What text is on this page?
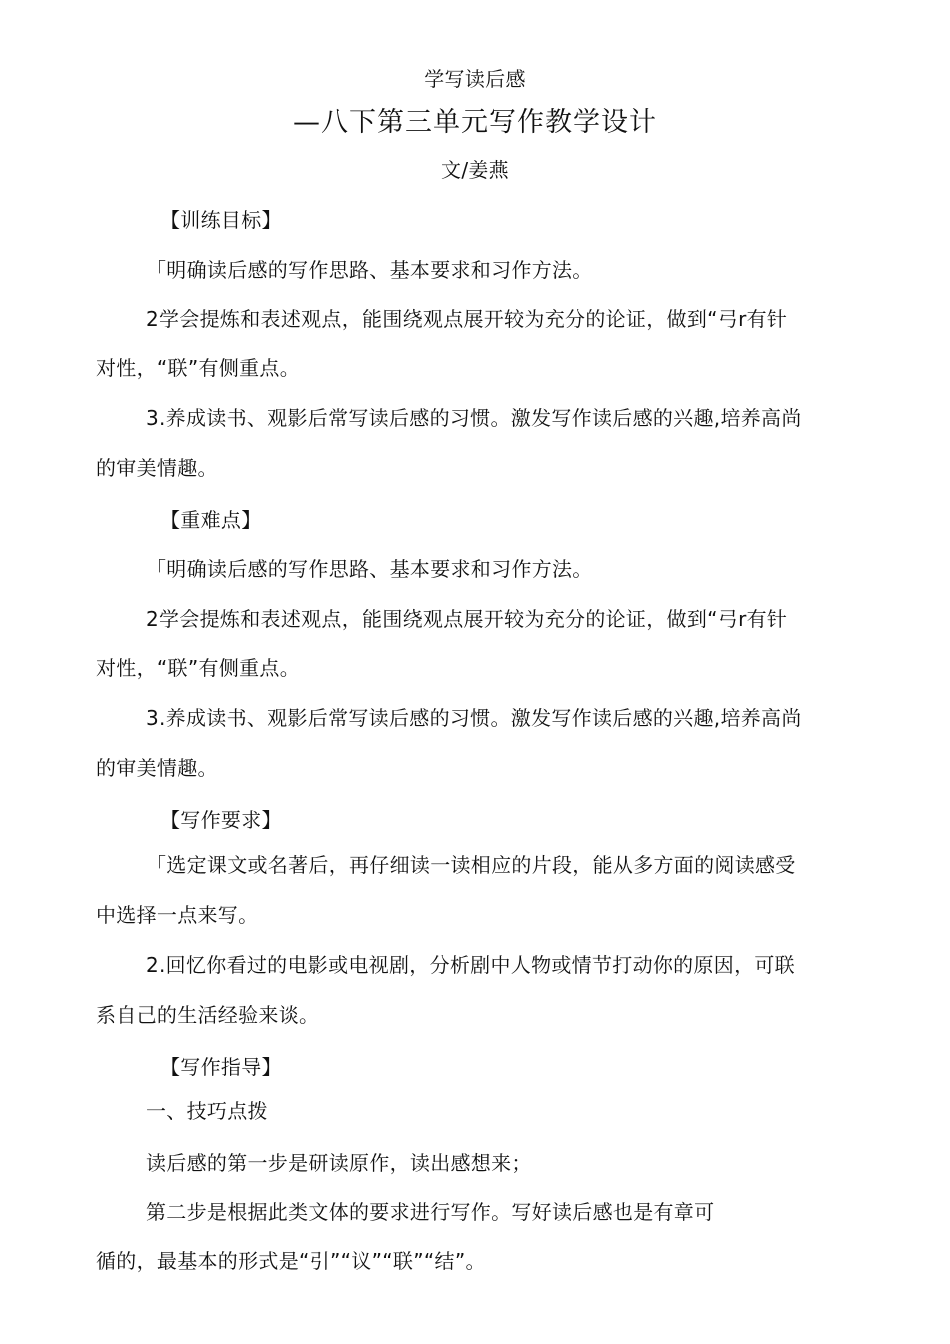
学写读后感
—八下第三单元写作教学设计
文/姜燕
【训练目标】
「明确读后感的写作思路、基本要求和习作方法。
2学会提炼和表述观点，能围绕观点展开较为充分的论证，做到“弓r有针
对性，“联”有侧重点。
3.养成读书、观影后常写读后感的习惯。激发写作读后感的兴趣,培养高尚
的审美情趣。
【重难点】
「明确读后感的写作思路、基本要求和习作方法。
2学会提炼和表述观点，能围绕观点展开较为充分的论证，做到“弓r有针
对性，“联”有侧重点。
3.养成读书、观影后常写读后感的习惯。激发写作读后感的兴趣,培养高尚
的审美情趣。
【写作要求】
「选定课文或名著后，再仔细读一读相应的片段，能从多方面的阅读感受
中选择一点来写。
2.回忆你看过的电影或电视剧，分析剧中人物或情节打动你的原因，可联
系自己的生活经验来谈。
【写作指导】
一、技巧点拨
读后感的第一步是研读原作，读出感想来；
第二步是根据此类文体的要求进行写作。写好读后感也是有章可
循的，最基本的形式是“引”“议”“联”“结”。
